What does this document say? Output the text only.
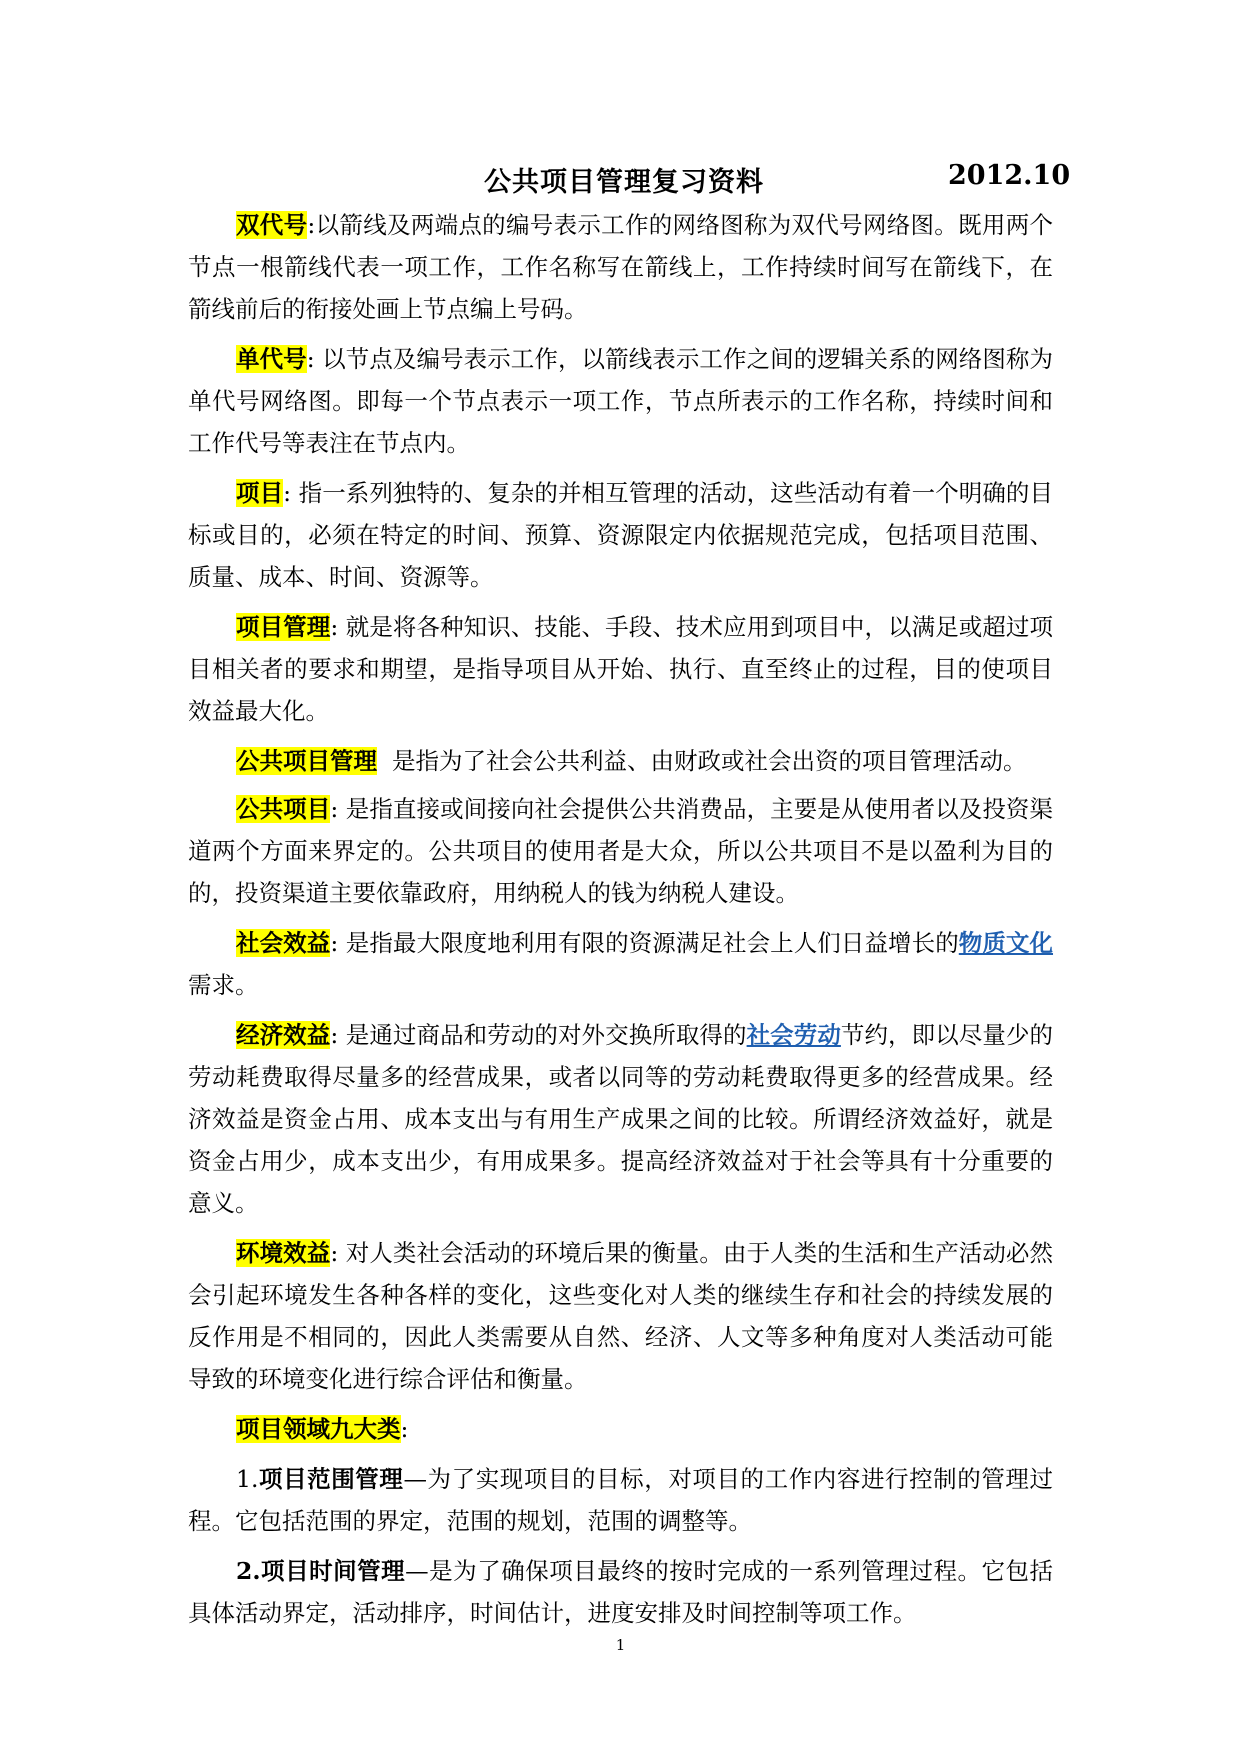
公共项目管理复习资料	2012.10

双代号:以箭线及两端点的编号表示工作的网络图称为双代号网络图。既用两个节点一根箭线代表一项工作，工作名称写在箭线上，工作持续时间写在箭线下，在箭线前后的衔接处画上节点编上号码。

单代号: 以节点及编号表示工作，以箭线表示工作之间的逻辑关系的网络图称为单代号网络图。即每一个节点表示一项工作，节点所表示的工作名称，持续时间和工作代号等表注在节点内。

项目: 指一系列独特的、复杂的并相互管理的活动，这些活动有着一个明确的目标或目的，必须在特定的时间、预算、资源限定内依据规范完成，包括项目范围、质量、成本、时间、资源等。

项目管理: 就是将各种知识、技能、手段、技术应用到项目中，以满足或超过项目相关者的要求和期望，是指导项目从开始、执行、直至终止的过程，目的使项目效益最大化。

公共项目管理  是指为了社会公共利益、由财政或社会出资的项目管理活动。

公共项目: 是指直接或间接向社会提供公共消费品，主要是从使用者以及投资渠道两个方面来界定的。公共项目的使用者是大众，所以公共项目不是以盈利为目的的，投资渠道主要依靠政府，用纳税人的钱为纳税人建设。

社会效益: 是指最大限度地利用有限的资源满足社会上人们日益增长的物质文化需求。

经济效益: 是通过商品和劳动的对外交换所取得的社会劳动节约，即以尽量少的劳动耗费取得尽量多的经营成果，或者以同等的劳动耗费取得更多的经营成果。经济效益是资金占用、成本支出与有用生产成果之间的比较。所谓经济效益好，就是资金占用少，成本支出少，有用成果多。提高经济效益对于社会等具有十分重要的意义。

环境效益: 对人类社会活动的环境后果的衡量。由于人类的生活和生产活动必然会引起环境发生各种各样的变化，这些变化对人类的继续生存和社会的持续发展的反作用是不相同的，因此人类需要从自然、经济、人文等多种角度对人类活动可能导致的环境变化进行综合评估和衡量。

项目领域九大类:

1.项目范围管理—为了实现项目的目标，对项目的工作内容进行控制的管理过程。它包括范围的界定，范围的规划，范围的调整等。

2.项目时间管理—是为了确保项目最终的按时完成的一系列管理过程。它包括具体活动界定，活动排序，时间估计，进度安排及时间控制等项工作。

1
